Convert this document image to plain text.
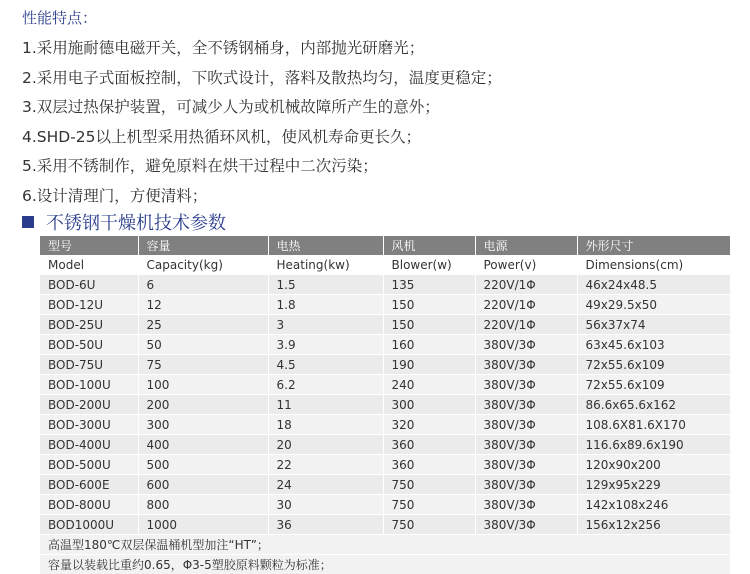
性能特点：
1.采用施耐德电磁开关，全不锈钢桶身，内部抛光研磨光；
2.采用电子式面板控制，下吹式设计，落料及散热均匀，温度更稳定；
3.双层过热保护装置，可减少人为或机械故障所产生的意外；
4.SHD-25以上机型采用热循环风机，使风机寿命更长久；
5.采用不锈制作，避免原料在烘干过程中二次污染；
6.设计清理门，方便清料；
不锈钢干燥机技术参数
型号	容量	电热	风机	电源	外形尺寸
Model	Capacity(kg)	Heating(kw)	Blower(w)	Power(v)	Dimensions(cm)
BOD-6U	6	1.5	135	220V/1Φ	46x24x48.5
BOD-12U	12	1.8	150	220V/1Φ	49x29.5x50
BOD-25U	25	3	150	220V/1Φ	56x37x74
BOD-50U	50	3.9	160	380V/3Φ	63x45.6x103
BOD-75U	75	4.5	190	380V/3Φ	72x55.6x109
BOD-100U	100	6.2	240	380V/3Φ	72x55.6x109
BOD-200U	200	11	300	380V/3Φ	86.6x65.6x162
BOD-300U	300	18	320	380V/3Φ	108.6X81.6X170
BOD-400U	400	20	360	380V/3Φ	116.6x89.6x190
BOD-500U	500	22	360	380V/3Φ	120x90x200
BOD-600E	600	24	750	380V/3Φ	129x95x229
BOD-800U	800	30	750	380V/3Φ	142x108x246
BOD1000U	1000	36	750	380V/3Φ	156x12x256
高温型180℃双层保温桶机型加注“HT”；					
容量以装载比重约0.65，Φ3-5塑胶原料颗粒为标准；					
